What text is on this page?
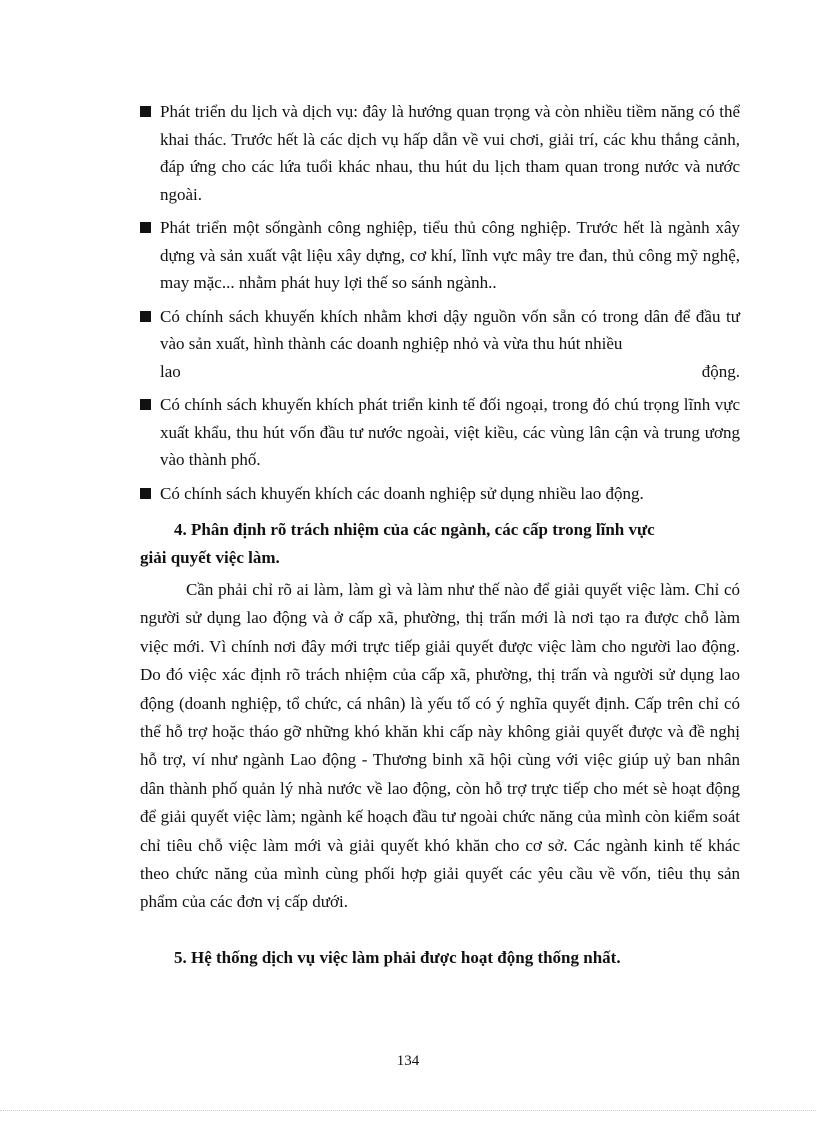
Phát triển du lịch và dịch vụ: đây là hướng quan trọng và còn nhiều tiềm năng có thể khai thác. Trước hết là các dịch vụ hấp dẫn về vui chơi, giải trí, các khu thắng cảnh, đáp ứng cho các lứa tuổi khác nhau, thu hút du lịch tham quan trong nước và nước ngoài.
Phát triển một sốngành công nghiệp, tiểu thủ công nghiệp. Trước hết là ngành xây dựng và sản xuất vật liệu xây dựng, cơ khí, lĩnh vực mây tre đan, thủ công mỹ nghệ, may mặc... nhằm phát huy lợi thế so sánh ngành..
Có chính sách khuyến khích nhằm khơi dậy nguồn vốn sẵn có trong dân để đầu tư vào sản xuất, hình thành các doanh nghiệp nhỏ và vừa thu hút nhiều
lao	động.
Có chính sách khuyến khích phát triển kinh tế đối ngoại, trong đó chú trọng lĩnh vực xuất khẩu, thu hút vốn đầu tư nước ngoài, việt kiều, các vùng lân cận và trung ương vào thành phố.
Có chính sách khuyến khích các doanh nghiệp sử dụng nhiều lao động.
4. Phân định rõ trách nhiệm của các ngành, các cấp trong lĩnh vực
giải quyết việc làm.
Cần phải chỉ rõ ai làm, làm gì và làm như thế nào để giải quyết việc làm. Chỉ có người sử dụng lao động và ở cấp xã, phường, thị trấn mới là nơi tạo ra được chỗ làm việc mới. Vì chính nơi đây mới trực tiếp giải quyết được việc làm cho người lao động. Do đó việc xác định rõ trách nhiệm của cấp xã, phường, thị trấn và người sử dụng lao động (doanh nghiệp, tổ chức, cá nhân) là yếu tố có ý nghĩa quyết định. Cấp trên chỉ có thể hỗ trợ hoặc tháo gỡ những khó khăn khi cấp này không giải quyết được và đề nghị hỗ trợ, ví như ngành Lao động - Thương binh xã hội cùng với việc giúp uỷ ban nhân dân thành phố quản lý nhà nước về lao động, còn hỗ trợ trực tiếp cho mét sè hoạt động để giải quyết việc làm; ngành kế hoạch đầu tư ngoài chức năng của mình còn kiểm soát chỉ tiêu chỗ việc làm mới và giải quyết khó khăn cho cơ sở. Các ngành kinh tế khác theo chức năng của mình cùng phối hợp giải quyết các yêu cầu về vốn, tiêu thụ sản phẩm của các đơn vị cấp dưới.
5. Hệ thống dịch vụ việc làm phải được hoạt động thống nhất.
134
